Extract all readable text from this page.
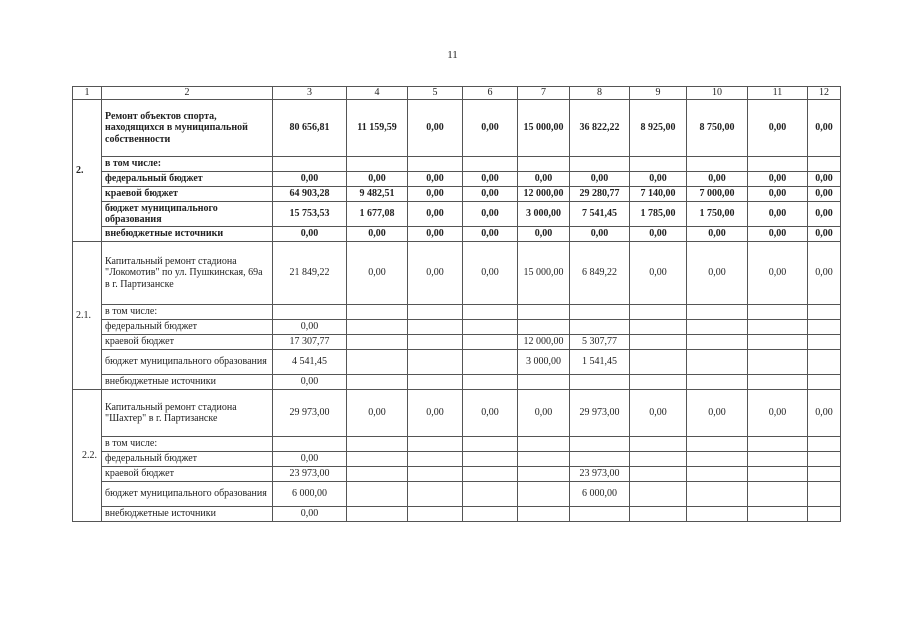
11
1	2	3	4	5	6	7	8	9	10	11	12
2.	Ремонт объектов спорта, находящихся в муниципальной собственности	80 656,81	11 159,59	0,00	0,00	15 000,00	36 822,22	8 925,00	8 750,00	0,00	0,00
	в том числе:										
	федеральный бюджет	0,00	0,00	0,00	0,00	0,00	0,00	0,00	0,00	0,00	0,00
	краевой бюджет	64 903,28	9 482,51	0,00	0,00	12 000,00	29 280,77	7 140,00	7 000,00	0,00	0,00
	бюджет муниципального образования	15 753,53	1 677,08	0,00	0,00	3 000,00	7 541,45	1 785,00	1 750,00	0,00	0,00
	внебюджетные источники	0,00	0,00	0,00	0,00	0,00	0,00	0,00	0,00	0,00	0,00
2.1.	Капитальный ремонт стадиона "Локомотив" по ул. Пушкинская, 69а в г. Партизанске	21 849,22	0,00	0,00	0,00	15 000,00	6 849,22	0,00	0,00	0,00	0,00
	в том числе:										
	федеральный бюджет	0,00									
	краевой бюджет	17 307,77				12 000,00	5 307,77				
	бюджет муниципального образования	4 541,45				3 000,00	1 541,45				
	внебюджетные источники	0,00									
2.2.	Капитальный ремонт стадиона "Шахтер" в г. Партизанске	29 973,00	0,00	0,00	0,00	0,00	29 973,00	0,00	0,00	0,00	0,00
	в том числе:										
	федеральный бюджет	0,00									
	краевой бюджет	23 973,00					23 973,00				
	бюджет муниципального образования	6 000,00					6 000,00				
	внебюджетные источники	0,00									
